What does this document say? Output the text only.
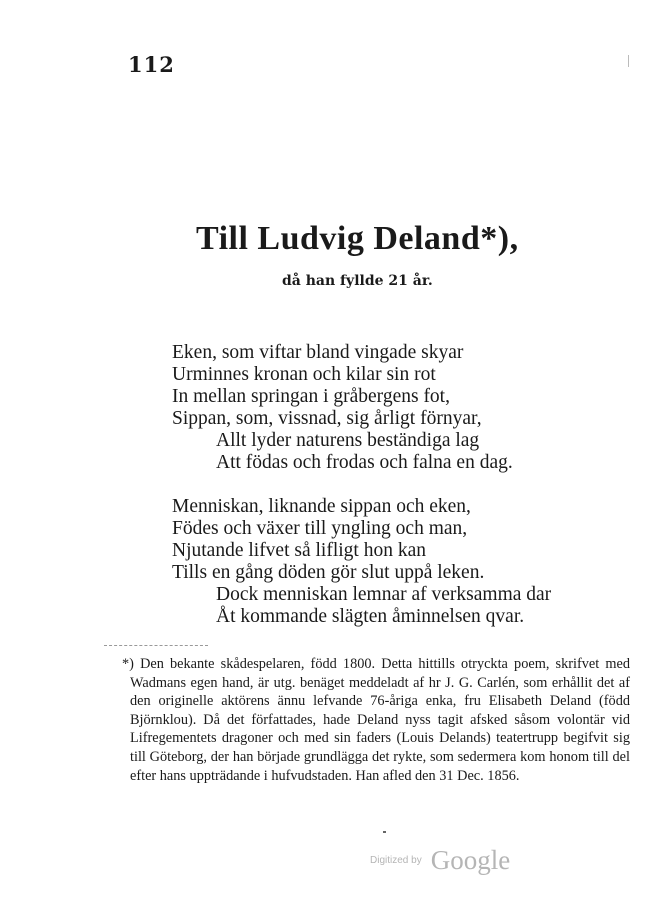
112
Till Ludvig Deland*),
då han fyllde 21 år.
Eken, som viftar bland vingade skyar
Urminnes kronan och kilar sin rot
In mellan springan i gråbergens fot,
Sippan, som, vissnad, sig årligt förnyar,
Allt lyder naturens beständiga lag
Att födas och frodas och falna en dag.
Menniskan, liknande sippan och eken,
Födes och växer till yngling och man,
Njutande lifvet så lifligt hon kan
Tills en gång döden gör slut uppå leken.
Dock menniskan lemnar af verksamma dar
Åt kommande slägten åminnelsen qvar.
*) Den bekante skådespelaren, född 1800. Detta hittills otryckta poem, skrifvet med Wadmans egen hand, är utg. benäget meddeladt af hr J. G. Carlén, som erhållit det af den originelle aktörens ännu lefvande 76-åriga enka, fru Elisabeth Deland (född Björnklou). Då det författades, hade Deland nyss tagit afsked såsom volontär vid Lifregementets dragoner och med sin faders (Louis Delands) teatertrupp begifvit sig till Göteborg, der han började grundlägga det rykte, som sedermera kom honom till del efter hans uppträdande i hufvudstaden. Han afled den 31 Dec. 1856.
Digitized by Google
